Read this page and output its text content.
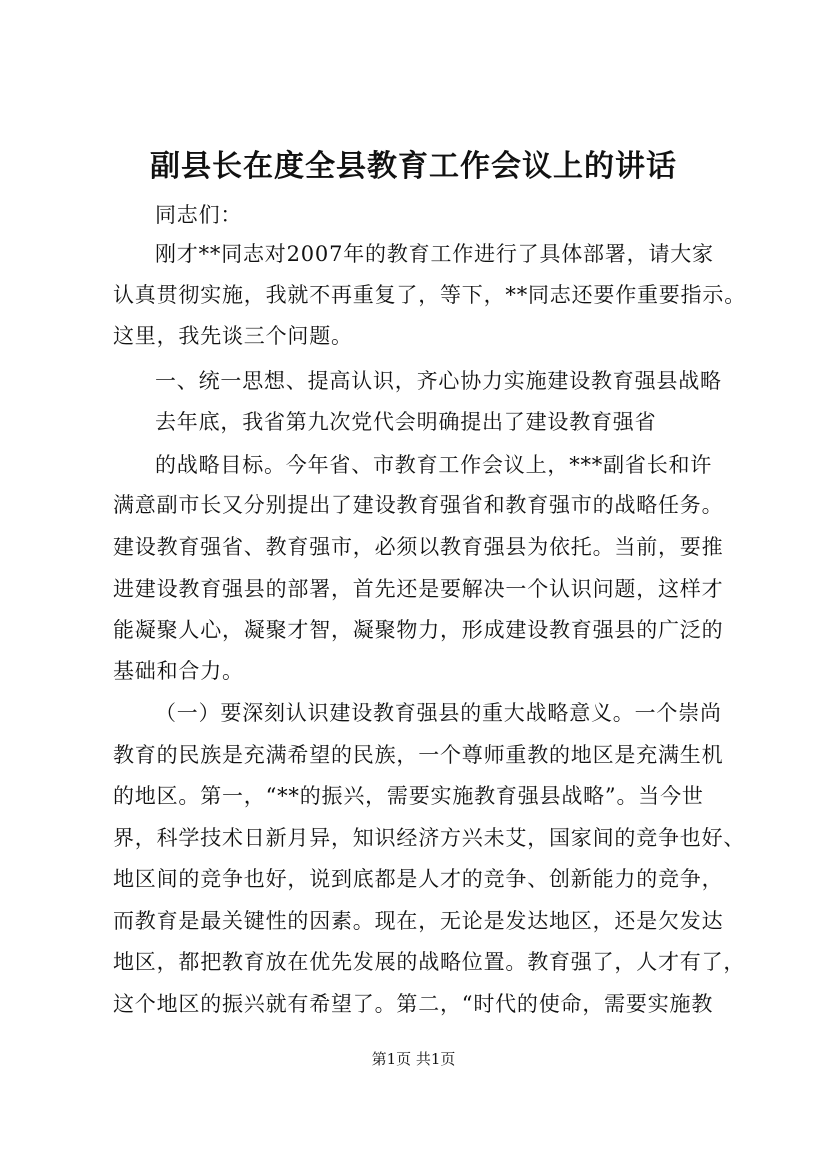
副县长在度全县教育工作会议上的讲话
同志们：
刚才**同志对2007年的教育工作进行了具体部署，请大家
认真贯彻实施，我就不再重复了，等下，**同志还要作重要指示。
这里，我先谈三个问题。
一、统一思想、提高认识，齐心协力实施建设教育强县战略
去年底，我省第九次党代会明确提出了建设教育强省
的战略目标。今年省、市教育工作会议上，***副省长和许
满意副市长又分别提出了建设教育强省和教育强市的战略任务。
建设教育强省、教育强市，必须以教育强县为依托。当前，要推
进建设教育强县的部署，首先还是要解决一个认识问题，这样才
能凝聚人心，凝聚才智，凝聚物力，形成建设教育强县的广泛的
基础和合力。
（一）要深刻认识建设教育强县的重大战略意义。一个崇尚
教育的民族是充满希望的民族，一个尊师重教的地区是充满生机
的地区。第一，“**的振兴，需要实施教育强县战略”。当今世
界，科学技术日新月异，知识经济方兴未艾，国家间的竞争也好、
地区间的竞争也好，说到底都是人才的竞争、创新能力的竞争，
而教育是最关键性的因素。现在，无论是发达地区，还是欠发达
地区，都把教育放在优先发展的战略位置。教育强了，人才有了，
这个地区的振兴就有希望了。第二，“时代的使命，需要实施教
第1页 共1页
